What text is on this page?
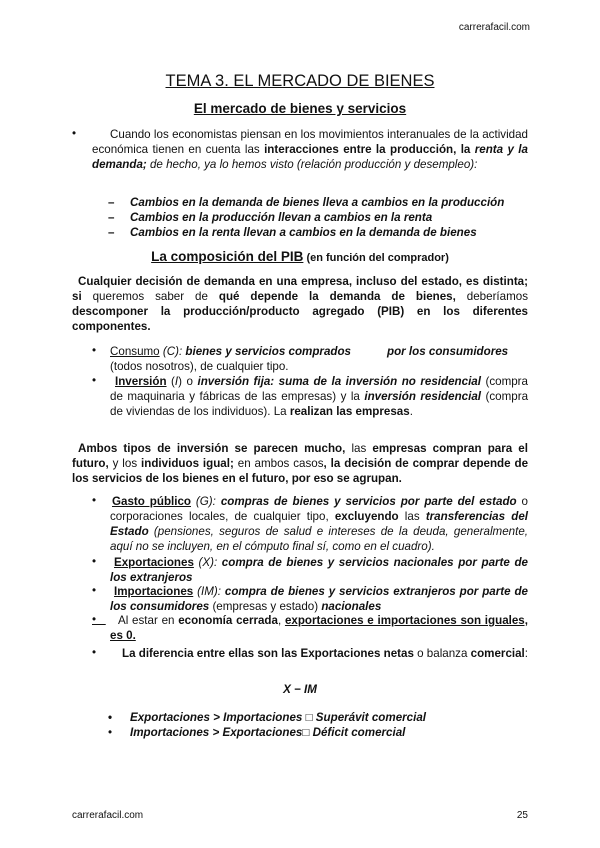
carrerafacil.com
TEMA 3. EL MERCADO DE BIENES
El mercado de bienes y servicios
•	Cuando los economistas piensan en los movimientos interanuales de la actividad económica tienen en cuenta las interacciones entre la producción, la renta y la demanda; de hecho, ya lo hemos visto (relación producción y desempleo):
– Cambios en la demanda de bienes lleva a cambios en la producción
– Cambios en la producción llevan a cambios en la renta
– Cambios en la renta llevan a cambios en la demanda de bienes
La composición del PIB (en función del comprador)
Cualquier decisión de demanda en una empresa, incluso del estado, es distinta; si queremos saber de qué depende la demanda de bienes, deberíamos descomponer la producción/producto agregado (PIB) en los diferentes componentes.
• Consumo (C): bienes y servicios comprados	por los consumidores
(todos nosotros), de cualquier tipo.
•	Inversión (I) o inversión fija: suma de la inversión no residencial (compra de maquinaria y fábricas de las empresas) y la inversión residencial (compra de viviendas de los individuos). La realizan las empresas.
Ambos tipos de inversión se parecen mucho, las empresas compran para el futuro, y los individuos igual; en ambos casos, la decisión de comprar depende de los servicios de los bienes en el futuro, por eso se agrupan.
• Gasto público (G): compras de bienes y servicios por parte del estado o corporaciones locales, de cualquier tipo, excluyendo las transferencias del Estado (pensiones, seguros de salud e intereses de la deuda, generalmente, aquí no se incluyen, en el cómputo final sí, como en el cuadro).
•	Exportaciones (X): compra de bienes y servicios nacionales por parte de los extranjeros
•	Importaciones (IM): compra de bienes y servicios extranjeros por parte de los consumidores (empresas y estado) nacionales
•	Al estar en economía cerrada, exportaciones e importaciones son iguales, es 0.
•	La diferencia entre ellas son las Exportaciones netas o balanza comercial:
X − IM
• Exportaciones > Importaciones □ Superávit comercial
• Importaciones > Exportaciones□ Déficit comercial
carrerafacil.com	25
